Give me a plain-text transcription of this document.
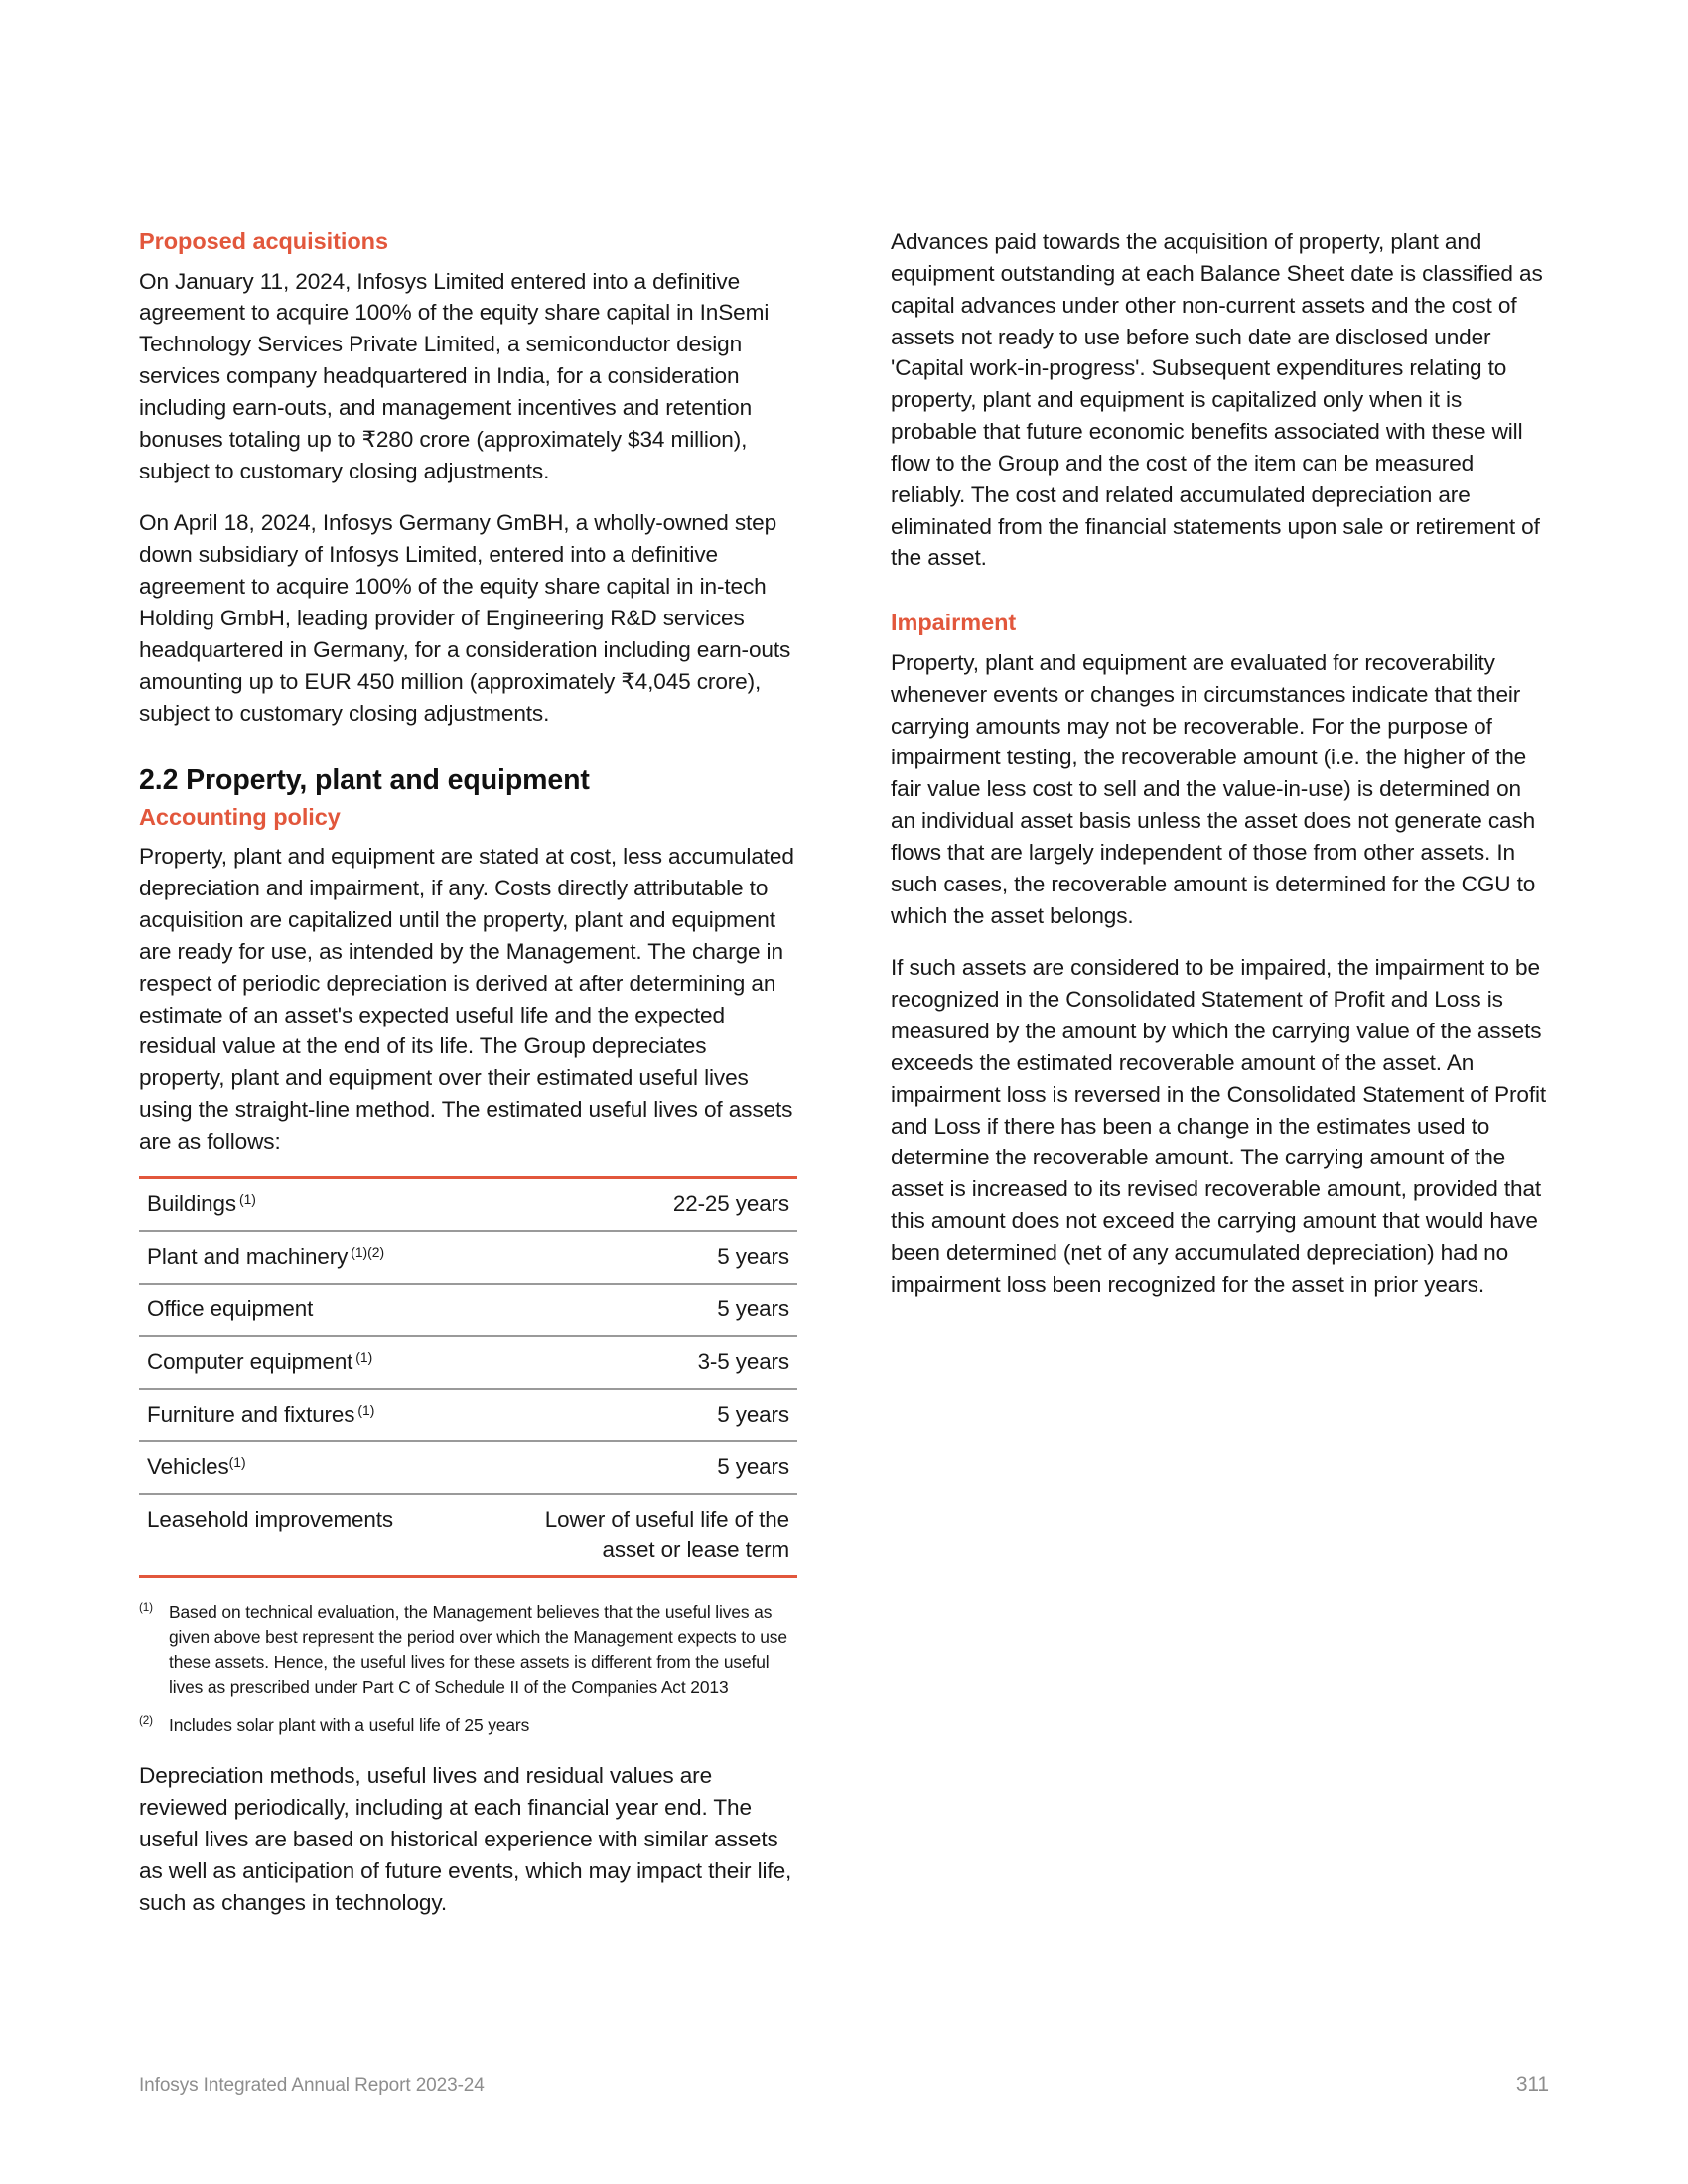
Proposed acquisitions

On January 11, 2024, Infosys Limited entered into a definitive agreement to acquire 100% of the equity share capital in InSemi Technology Services Private Limited, a semiconductor design services company headquartered in India, for a consideration including earn-outs, and management incentives and retention bonuses totaling up to ₹280 crore (approximately $34 million), subject to customary closing adjustments.

On April 18, 2024, Infosys Germany GmBH, a wholly-owned step down subsidiary of Infosys Limited, entered into a definitive agreement to acquire 100% of the equity share capital in in-tech Holding GmbH, leading provider of Engineering R&D services headquartered in Germany, for a consideration including earn-outs amounting up to EUR 450 million (approximately ₹4,045 crore), subject to customary closing adjustments.

2.2 Property, plant and equipment
Accounting policy

Property, plant and equipment are stated at cost, less accumulated depreciation and impairment, if any. Costs directly attributable to acquisition are capitalized until the property, plant and equipment are ready for use, as intended by the Management. The charge in respect of periodic depreciation is derived at after determining an estimate of an asset's expected useful life and the expected residual value at the end of its life. The Group depreciates property, plant and equipment over their estimated useful lives using the straight-line method. The estimated useful lives of assets are as follows:

Buildings $^{(1)}$	22-25 years
Plant and machinery $^{(1)(2)}$	5 years
Office equipment	5 years
Computer equipment $^{(1)}$	3-5 years
Furniture and fixtures $^{(1)}$	5 years
Vehicles$^{(1)}$	5 years
Leasehold improvements	Lower of useful life of the asset or lease term
$^{(1)}$ Based on technical evaluation, the Management believes that the useful lives as given above best represent the period over which the Management expects to use these assets. Hence, the useful lives for these assets is different from the useful lives as prescribed under Part C of Schedule II of the Companies Act 2013
$^{(2)}$ Includes solar plant with a useful life of 25 years

Depreciation methods, useful lives and residual values are reviewed periodically, including at each financial year end. The useful lives are based on historical experience with similar assets as well as anticipation of future events, which may impact their life, such as changes in technology.

Advances paid towards the acquisition of property, plant and equipment outstanding at each Balance Sheet date is classified as capital advances under other non-current assets and the cost of assets not ready to use before such date are disclosed under 'Capital work-in-progress'. Subsequent expenditures relating to property, plant and equipment is capitalized only when it is probable that future economic benefits associated with these will flow to the Group and the cost of the item can be measured reliably. The cost and related accumulated depreciation are eliminated from the financial statements upon sale or retirement of the asset.

Impairment

Property, plant and equipment are evaluated for recoverability whenever events or changes in circumstances indicate that their carrying amounts may not be recoverable. For the purpose of impairment testing, the recoverable amount (i.e. the higher of the fair value less cost to sell and the value-in-use) is determined on an individual asset basis unless the asset does not generate cash flows that are largely independent of those from other assets. In such cases, the recoverable amount is determined for the CGU to which the asset belongs.

If such assets are considered to be impaired, the impairment to be recognized in the Consolidated Statement of Profit and Loss is measured by the amount by which the carrying value of the assets exceeds the estimated recoverable amount of the asset. An impairment loss is reversed in the Consolidated Statement of Profit and Loss if there has been a change in the estimates used to determine the recoverable amount. The carrying amount of the asset is increased to its revised recoverable amount, provided that this amount does not exceed the carrying amount that would have been determined (net of any accumulated depreciation) had no impairment loss been recognized for the asset in prior years.

Infosys Integrated Annual Report 2023-24	311
